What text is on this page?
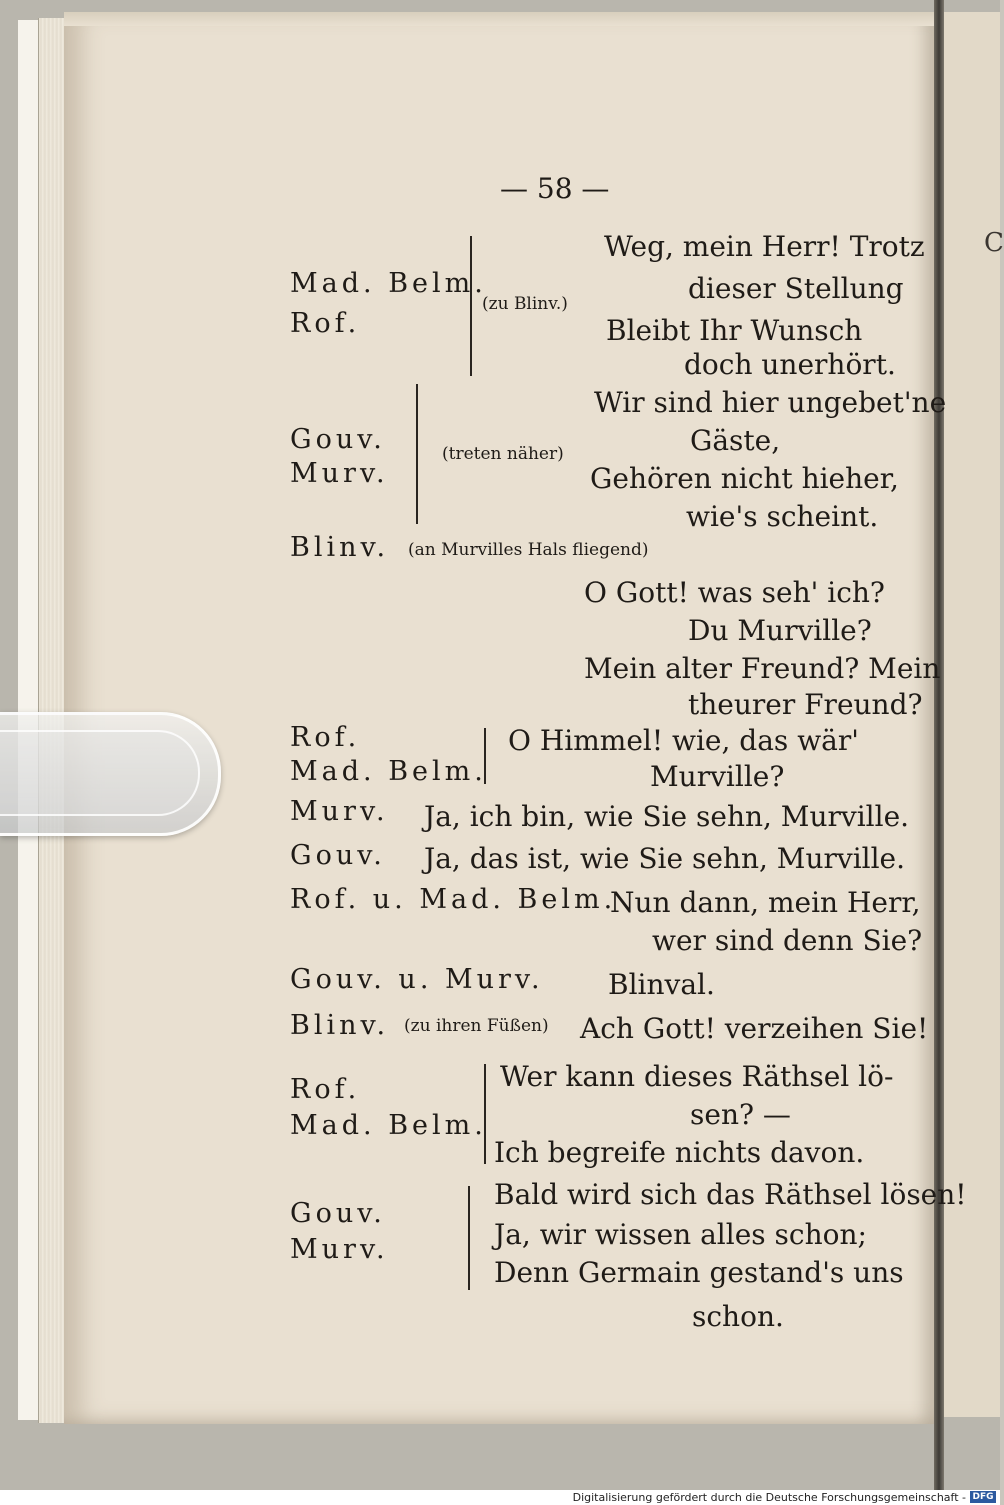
C
— 58 —
Mad. Belm.
Rof.
(zu Blinv.)
Weg, mein Herr! Trotz
dieser Stellung
Bleibt Ihr Wunsch
doch unerhört.
Gouv.
Murv.
(treten näher)
Wir sind hier ungebet'ne
Gäste,
Gehören nicht hieher,
wie's scheint.
Blinv. (an Murvilles Hals fliegend)
O Gott! was seh' ich?
Du Murville?
Mein alter Freund? Mein
theurer Freund?
Rof.
Mad. Belm.
O Himmel! wie, das wär'
Murville?
Murv. Ja, ich bin, wie Sie sehn, Murville.
Gouv. Ja, das ist, wie Sie sehn, Murville.
Rof. u. Mad. Belm.
Nun dann, mein Herr,
wer sind denn Sie?
Gouv. u. Murv. Blinval.
Blinv. (zu ihren Füßen) Ach Gott! verzeihen Sie!
Rof.
Mad. Belm.
Wer kann dieses Räthsel lö-
sen? —
Ich begreife nichts davon.
Gouv.
Murv.
Bald wird sich das Räthsel lösen!
Ja, wir wissen alles schon;
Denn Germain gestand's uns
schon.
Digitalisierung gefördert durch die Deutsche Forschungsgemeinschaft - DFG
